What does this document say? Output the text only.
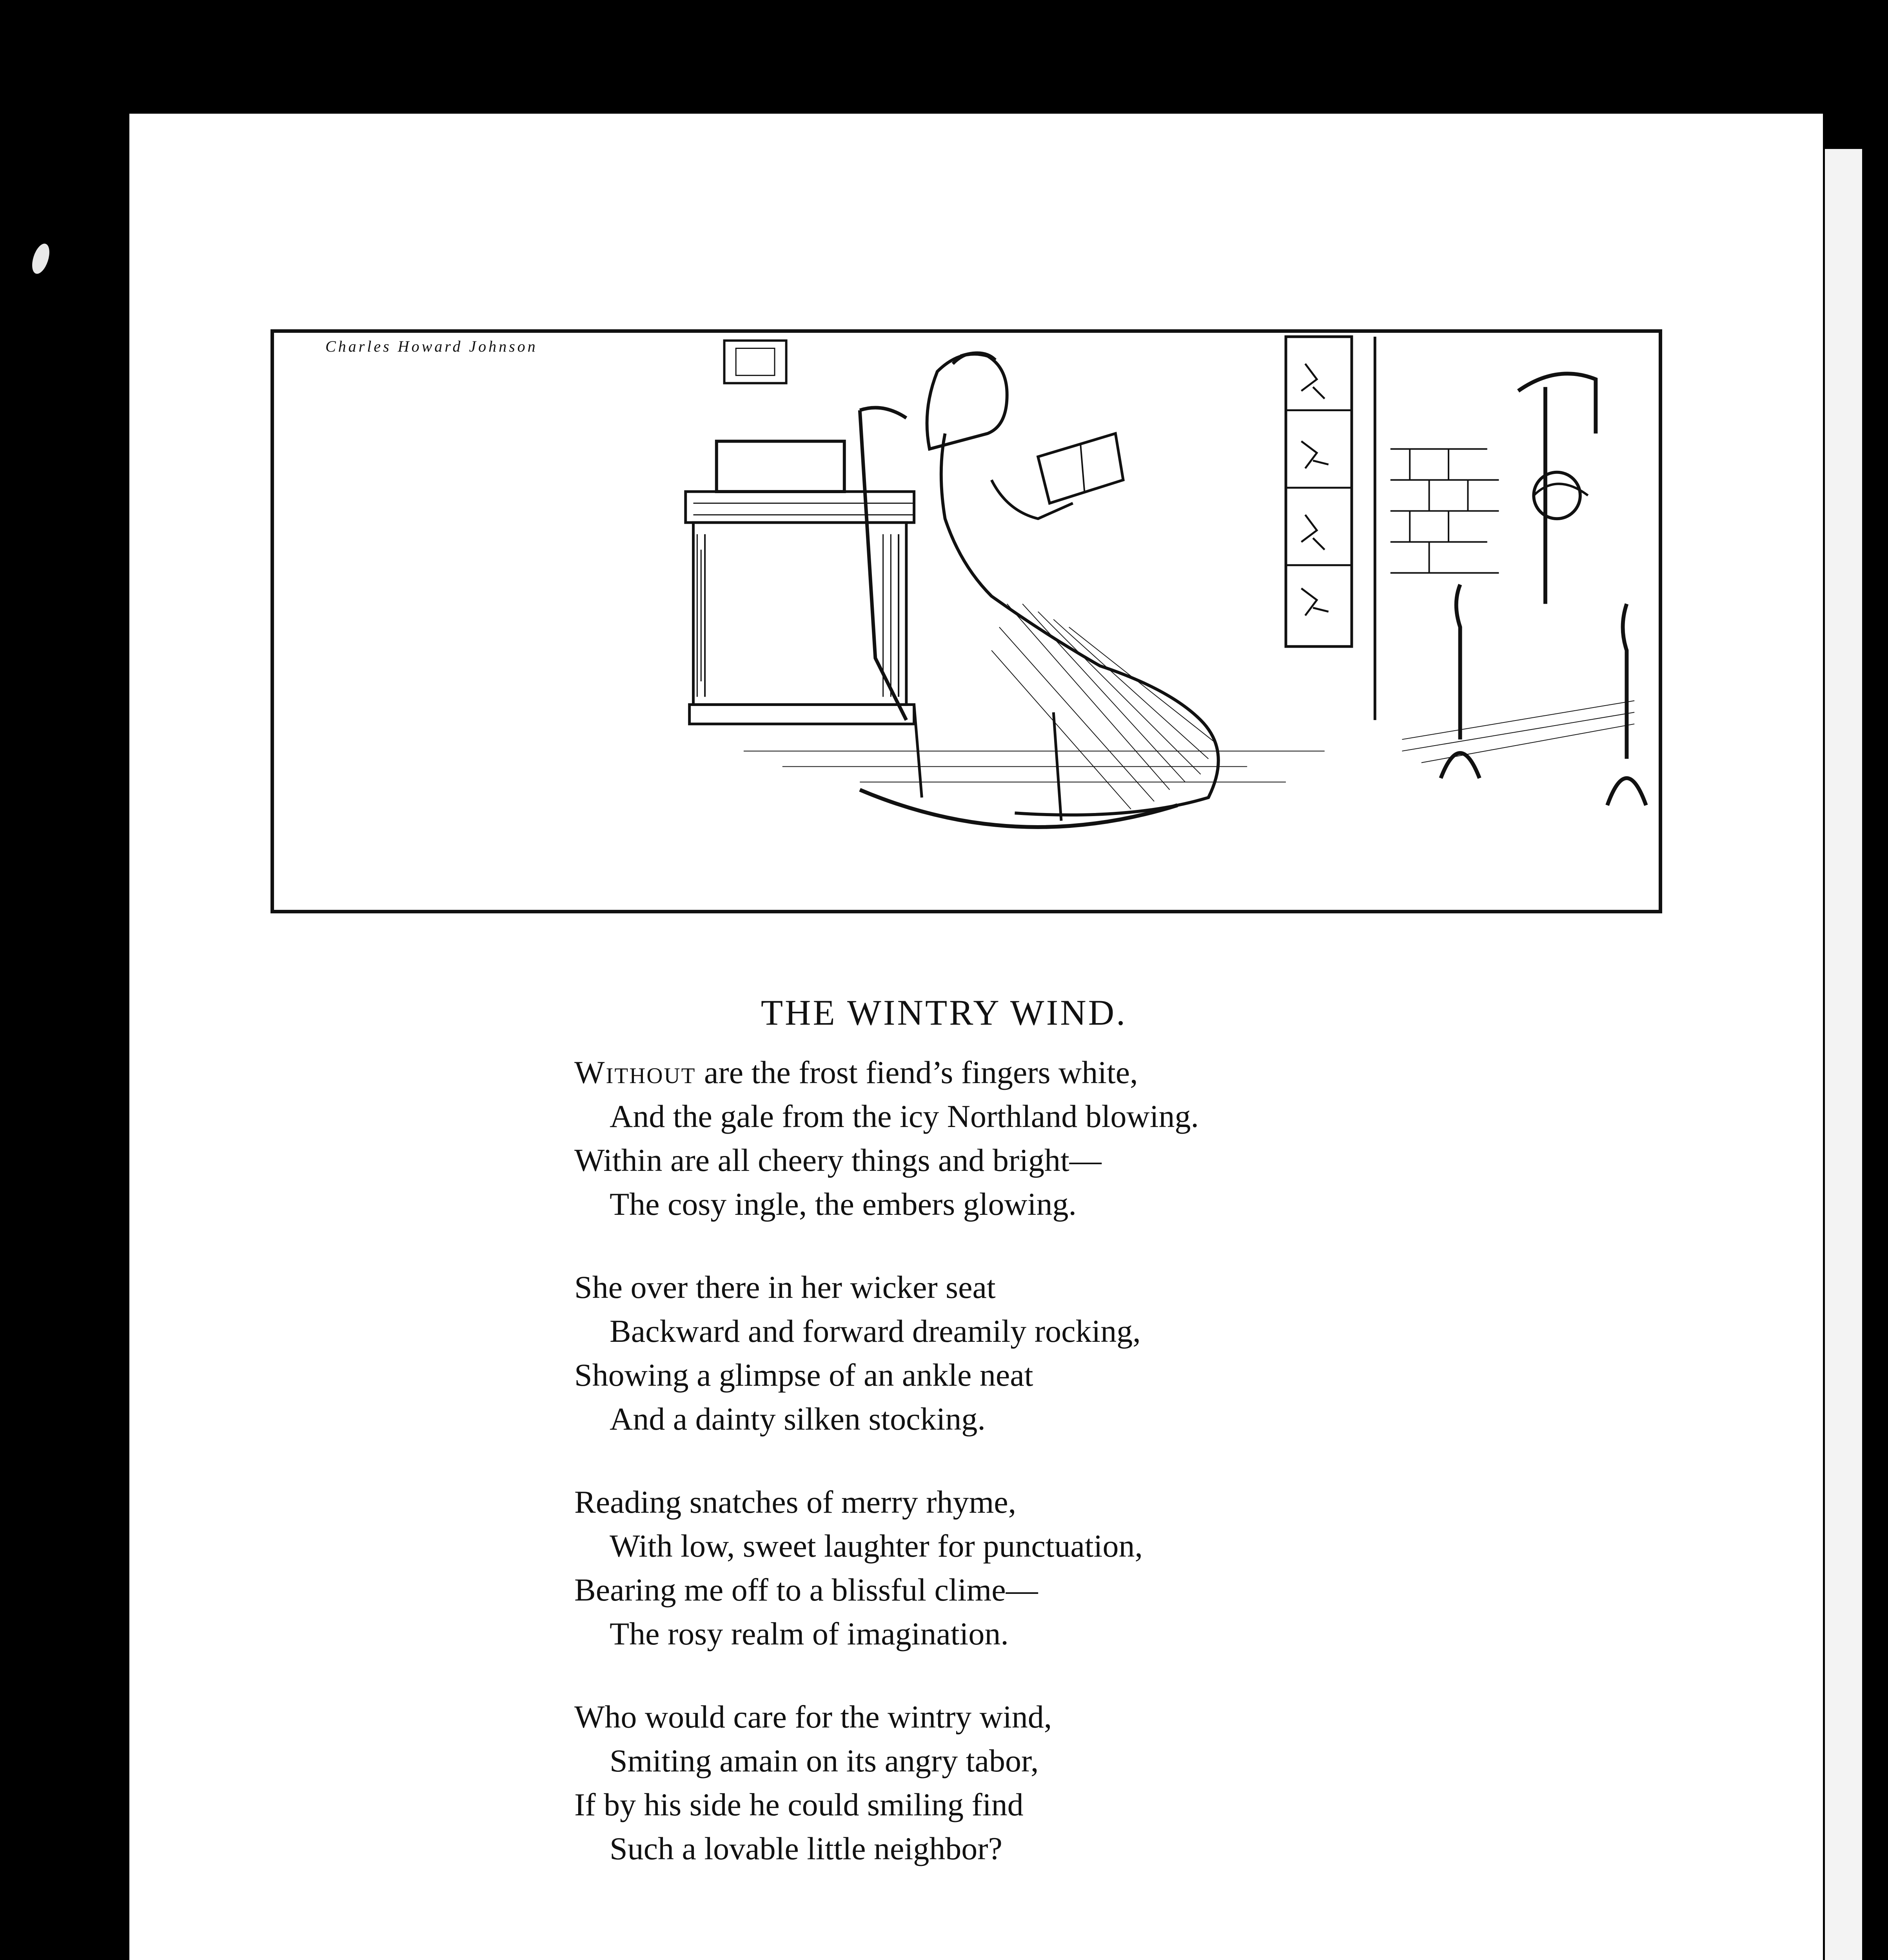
Charles Howard Johnson
THE WINTRY WIND.
Without are the frost fiend’s fingers white,
And the gale from the icy Northland blowing.
Within are all cheery things and bright—
The cosy ingle, the embers glowing.
She over there in her wicker seat
Backward and forward dreamily rocking,
Showing a glimpse of an ankle neat
And a dainty silken stocking.
Reading snatches of merry rhyme,
With low, sweet laughter for punctuation,
Bearing me off to a blissful clime—
The rosy realm of imagination.
Who would care for the wintry wind,
Smiting amain on its angry tabor,
If by his side he could smiling find
Such a lovable little neighbor?
